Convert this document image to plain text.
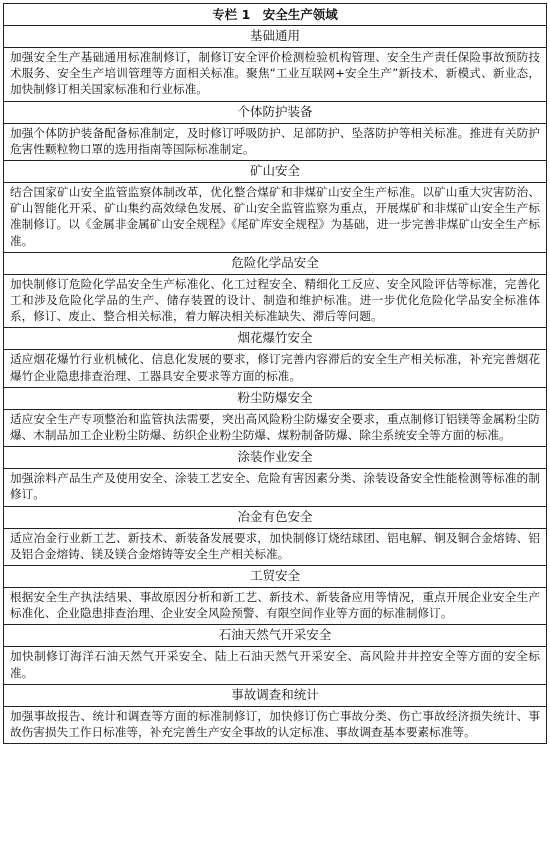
专栏 1　安全生产领域
基础通用
加强安全生产基础通用标准制修订，制修订安全评价检测检验机构管理、安全生产责任保险事故预防技术服务、安全生产培训管理等方面相关标准。聚焦“工业互联网+安全生产”新技术、新模式、新业态，加快制修订相关国家标准和行业标准。
个体防护装备
加强个体防护装备配备标准制定，及时修订呼吸防护、足部防护、坠落防护等相关标准。推进有关防护危害性颗粒物口罩的选用指南等国际标准制定。
矿山安全
结合国家矿山安全监管监察体制改革，优化整合煤矿和非煤矿山安全生产标准。以矿山重大灾害防治、矿山智能化开采、矿山集约高效绿色发展、矿山安全监管监察为重点，开展煤矿和非煤矿山安全生产标准制修订。以《金属非金属矿山安全规程》《尾矿库安全规程》为基础，进一步完善非煤矿山安全生产标准。
危险化学品安全
加快制修订危险化学品安全生产标准化、化工过程安全、精细化工反应、安全风险评估等标准，完善化工和涉及危险化学品的生产、储存装置的设计、制造和维护标准。进一步优化危险化学品安全标准体系，修订、废止、整合相关标准，着力解决相关标准缺失、滞后等问题。
烟花爆竹安全
适应烟花爆竹行业机械化、信息化发展的要求，修订完善内容滞后的安全生产相关标准，补充完善烟花爆竹企业隐患排查治理、工器具安全要求等方面的标准。
粉尘防爆安全
适应安全生产专项整治和监管执法需要，突出高风险粉尘防爆安全要求，重点制修订铝镁等金属粉尘防爆、木制品加工企业粉尘防爆、纺织企业粉尘防爆、煤粉制备防爆、除尘系统安全等方面的标准。
涂装作业安全
加强涂料产品生产及使用安全、涂装工艺安全、危险有害因素分类、涂装设备安全性能检测等标准的制修订。
冶金有色安全
适应冶金行业新工艺、新技术、新装备发展要求，加快制修订烧结球团、铝电解、铜及铜合金熔铸、铝及铝合金熔铸、镁及镁合金熔铸等安全生产相关标准。
工贸安全
根据安全生产执法结果、事故原因分析和新工艺、新技术、新装备应用等情况，重点开展企业安全生产标准化、企业隐患排查治理、企业安全风险预警、有限空间作业等方面的标准制修订。
石油天然气开采安全
加快制修订海洋石油天然气开采安全、陆上石油天然气开采安全、高风险井井控安全等方面的安全标准。
事故调查和统计
加强事故报告、统计和调查等方面的标准制修订，加快修订伤亡事故分类、伤亡事故经济损失统计、事故伤害损失工作日标准等，补充完善生产安全事故的认定标准、事故调查基本要素标准等。
